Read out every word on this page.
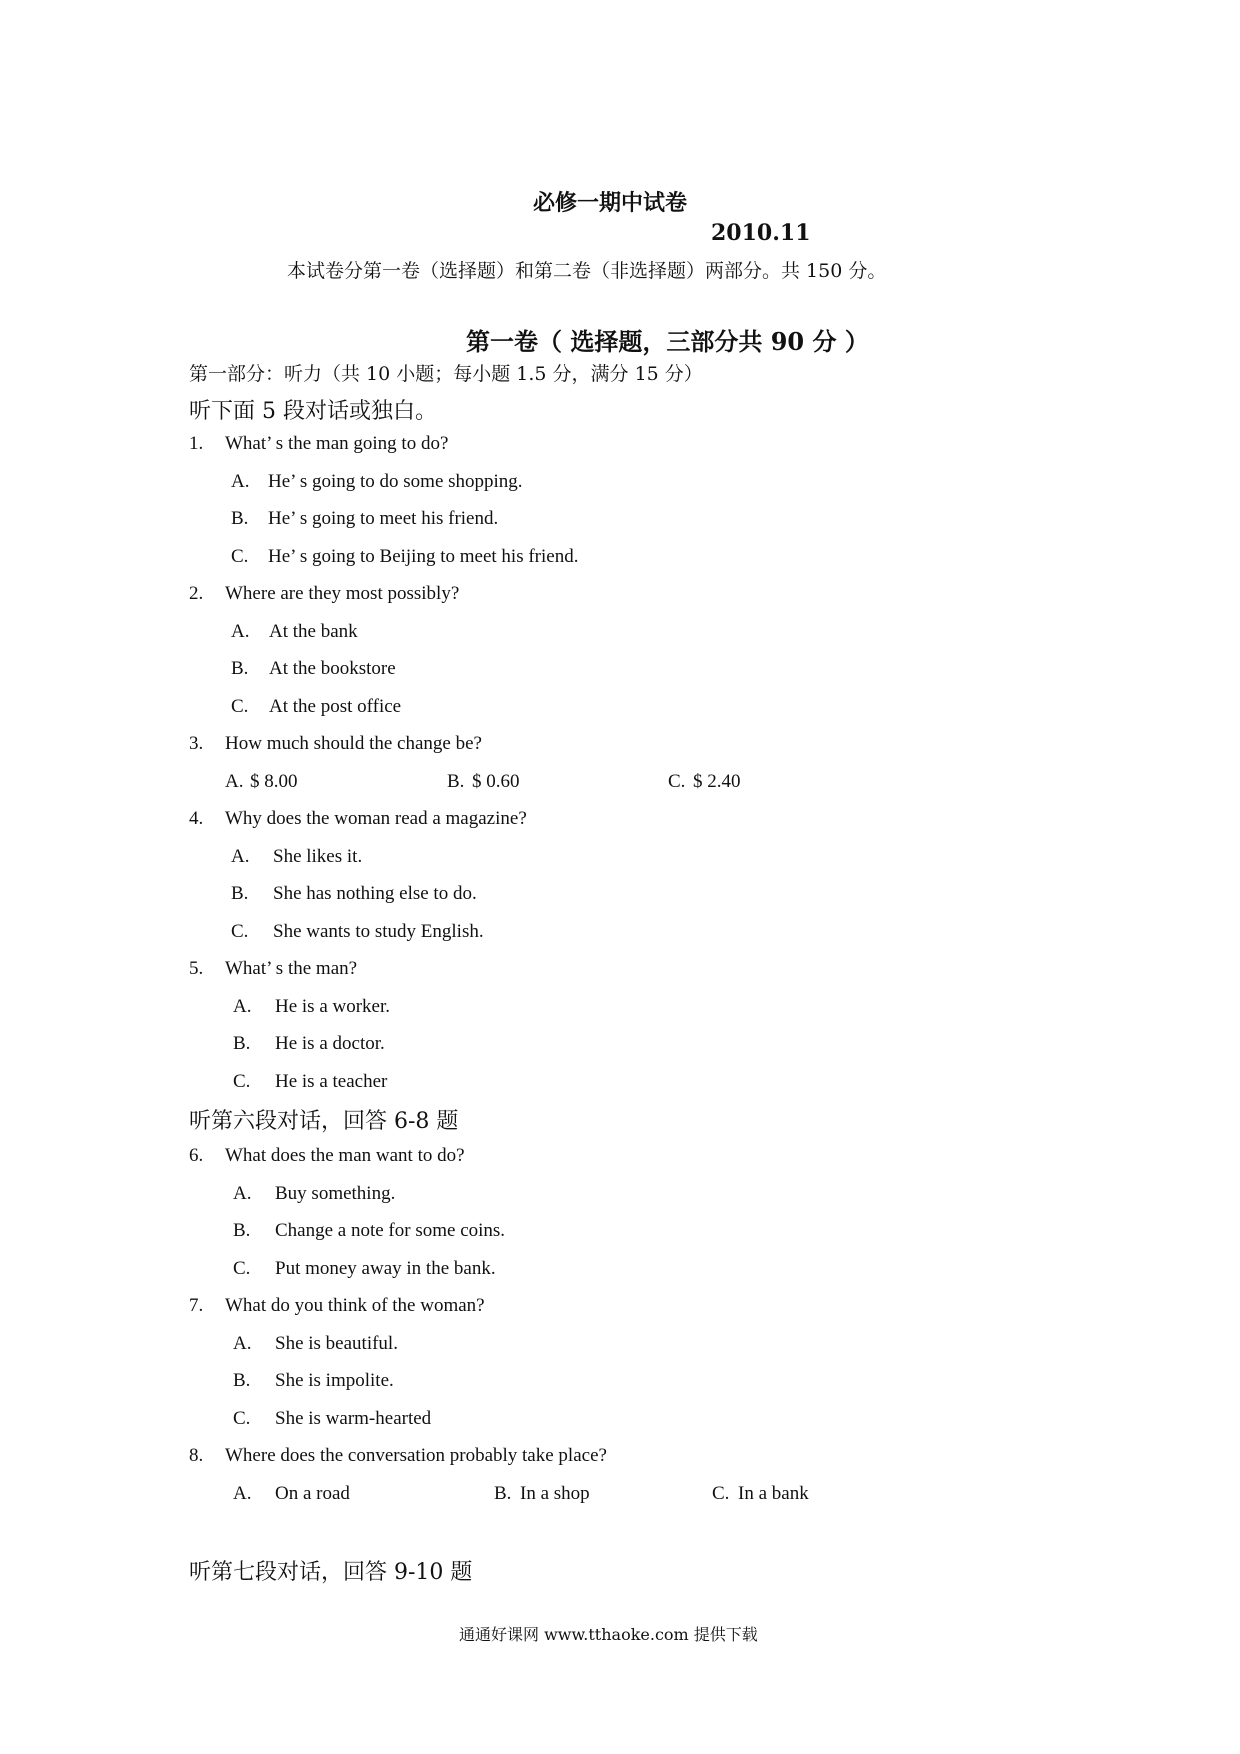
必修一期中试卷
2010.11
本试卷分第一卷（选择题）和第二卷（非选择题）两部分。共 150 分。
第一卷（ 选择题，三部分共 90 分 ）
第一部分：听力（共 10 小题；每小题 1.5 分，满分 15 分）
听下面 5 段对话或独白。
1. What’ s the man going to do?
A. He’ s going to do some shopping.
B. He’ s going to meet his friend.
C. He’ s going to Beijing to meet his friend.
2. Where are they most possibly?
A. At the bank
B. At the bookstore
C. At the post office
3. How much should the change be?
A. $ 8.00	B. $ 0.60	C. $ 2.40
4. Why does the woman read a magazine?
A. She likes it.
B. She has nothing else to do.
C. She wants to study English.
5. What’ s the man?
A. He is a worker.
B. He is a doctor.
C. He is a teacher
听第六段对话，回答 6-8 题
6. What does the man want to do?
A. Buy something.
B. Change a note for some coins.
C. Put money away in the bank.
7. What do you think of the woman?
A. She is beautiful.
B. She is impolite.
C. She is warm-hearted
8. Where does the conversation probably take place?
A. On a road	B. In a shop	C. In a bank
听第七段对话，回答 9-10 题
通通好课网 www.tthaoke.com 提供下载
